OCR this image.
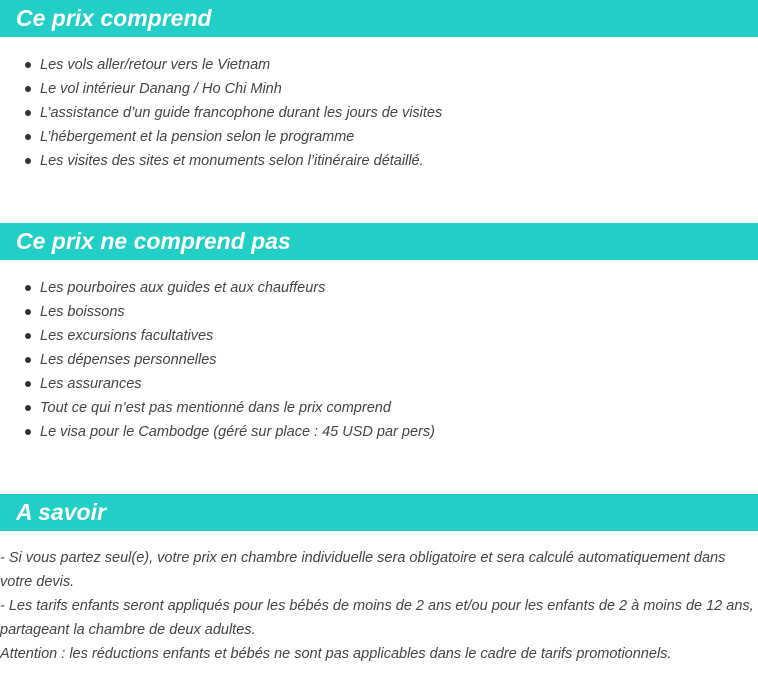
Ce prix comprend
Les vols aller/retour vers le Vietnam
Le vol intérieur Danang / Ho Chi Minh
L’assistance d’un guide francophone durant les jours de visites
L’hébergement et la pension selon le programme
Les visites des sites et monuments selon l’itinéraire détaillé.
Ce prix ne comprend pas
Les pourboires aux guides et aux chauffeurs
Les boissons
Les excursions facultatives
Les dépenses personnelles
Les assurances
Tout ce qui n’est pas mentionné dans le prix comprend
Le visa pour le Cambodge (géré sur place : 45 USD par pers)
A savoir

- Si vous partez seul(e), votre prix en chambre individuelle sera obligatoire et sera calculé automatiquement dans votre devis.

- Les tarifs enfants seront appliqués pour les bébés de moins de 2 ans et/ou pour les enfants de 2 à moins de 12 ans, partageant la chambre de deux adultes.

Attention : les réductions enfants et bébés ne sont pas applicables dans le cadre de tarifs promotionnels.
